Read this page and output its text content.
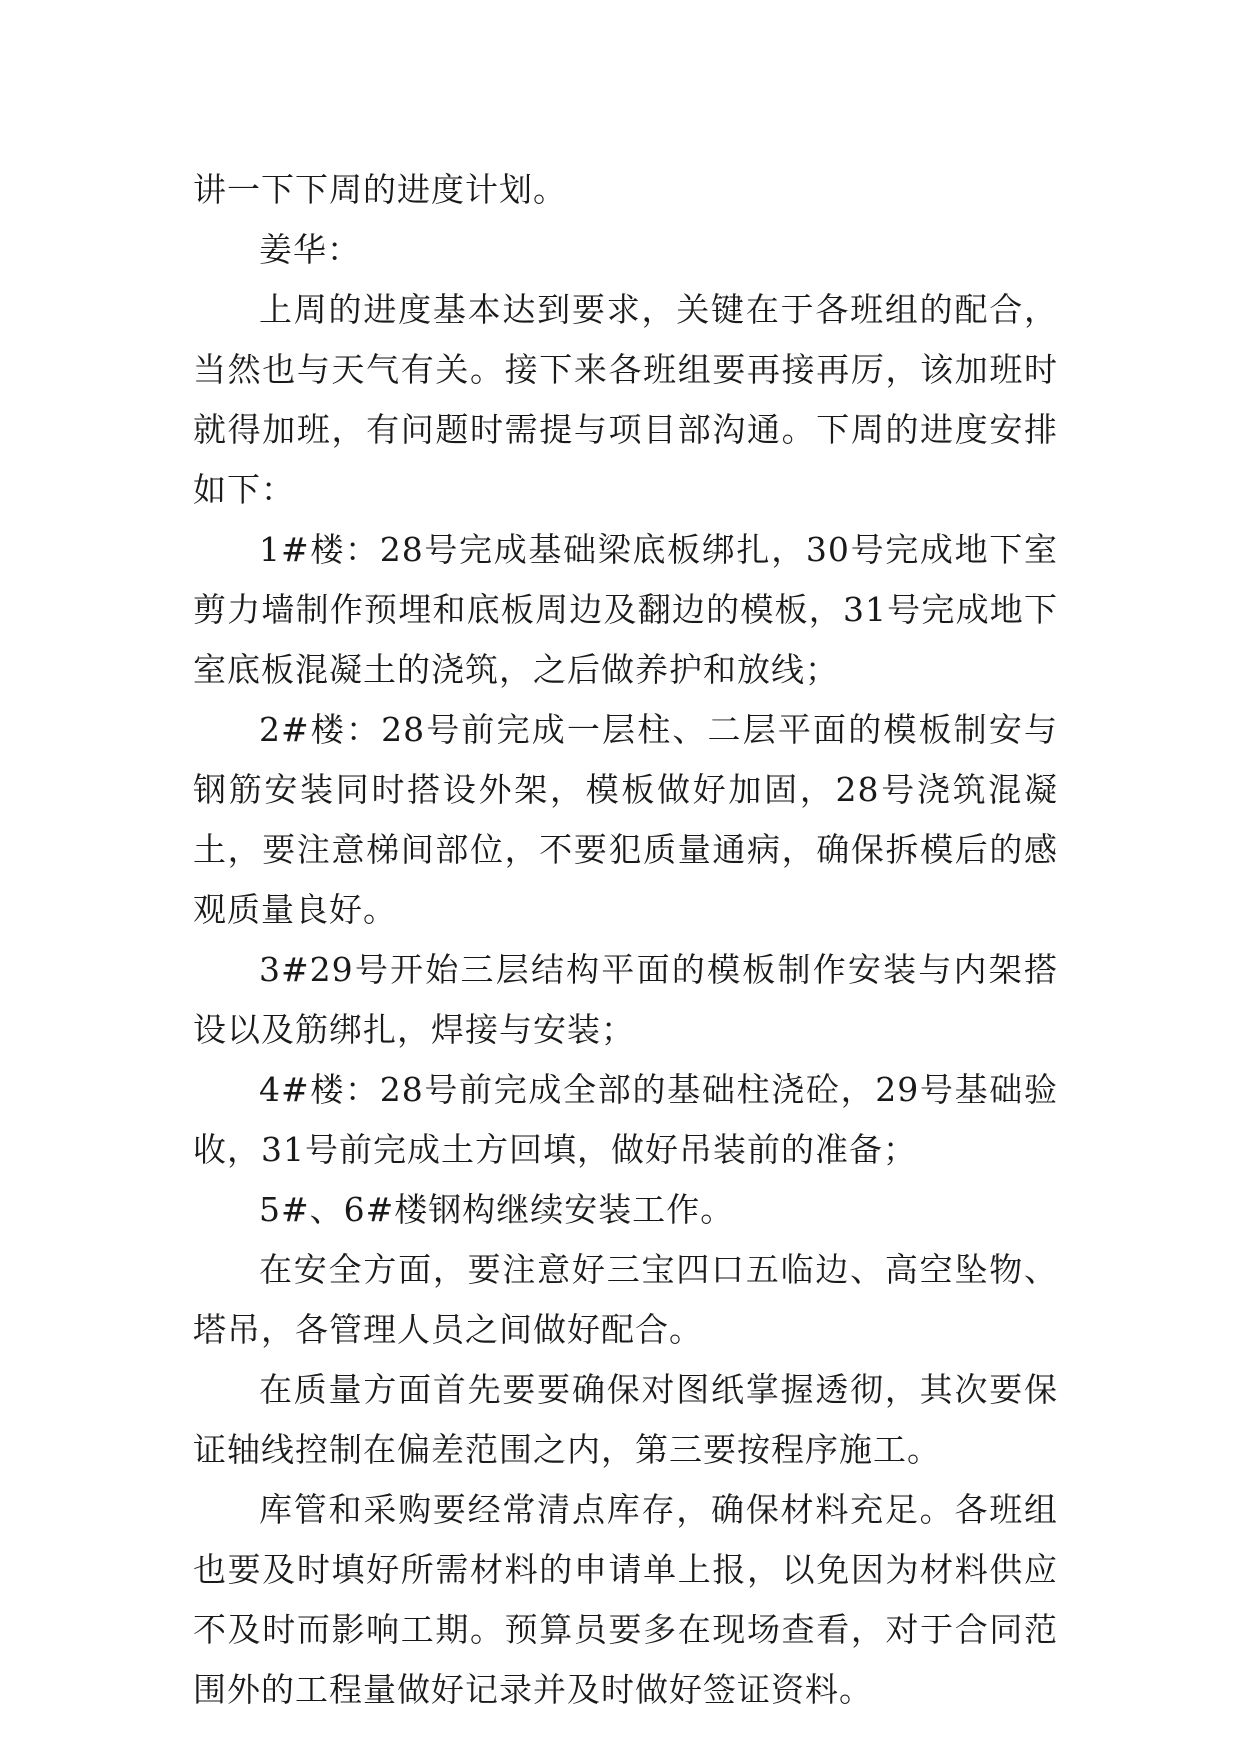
讲一下下周的进度计划。

姜华：

上周的进度基本达到要求，关键在于各班组的配合，当然也与天气有关。接下来各班组要再接再厉，该加班时就得加班，有问题时需提与项目部沟通。下周的进度安排如下：

1#楼：28号完成基础梁底板绑扎，30号完成地下室剪力墙制作预埋和底板周边及翻边的模板，31号完成地下室底板混凝土的浇筑，之后做养护和放线；

2#楼：28号前完成一层柱、二层平面的模板制安与钢筋安装同时搭设外架，模板做好加固，28号浇筑混凝土，要注意梯间部位，不要犯质量通病，确保拆模后的感观质量良好。

3#29号开始三层结构平面的模板制作安装与内架搭设以及筋绑扎，焊接与安装；

4#楼：28号前完成全部的基础柱浇砼，29号基础验收，31号前完成土方回填，做好吊装前的准备；

5#、6#楼钢构继续安装工作。

在安全方面，要注意好三宝四口五临边、高空坠物、塔吊，各管理人员之间做好配合。

在质量方面首先要要确保对图纸掌握透彻，其次要保证轴线控制在偏差范围之内，第三要按程序施工。

库管和采购要经常清点库存，确保材料充足。各班组也要及时填好所需材料的申请单上报，以免因为材料供应不及时而影响工期。预算员要多在现场查看，对于合同范围外的工程量做好记录并及时做好签证资料。
